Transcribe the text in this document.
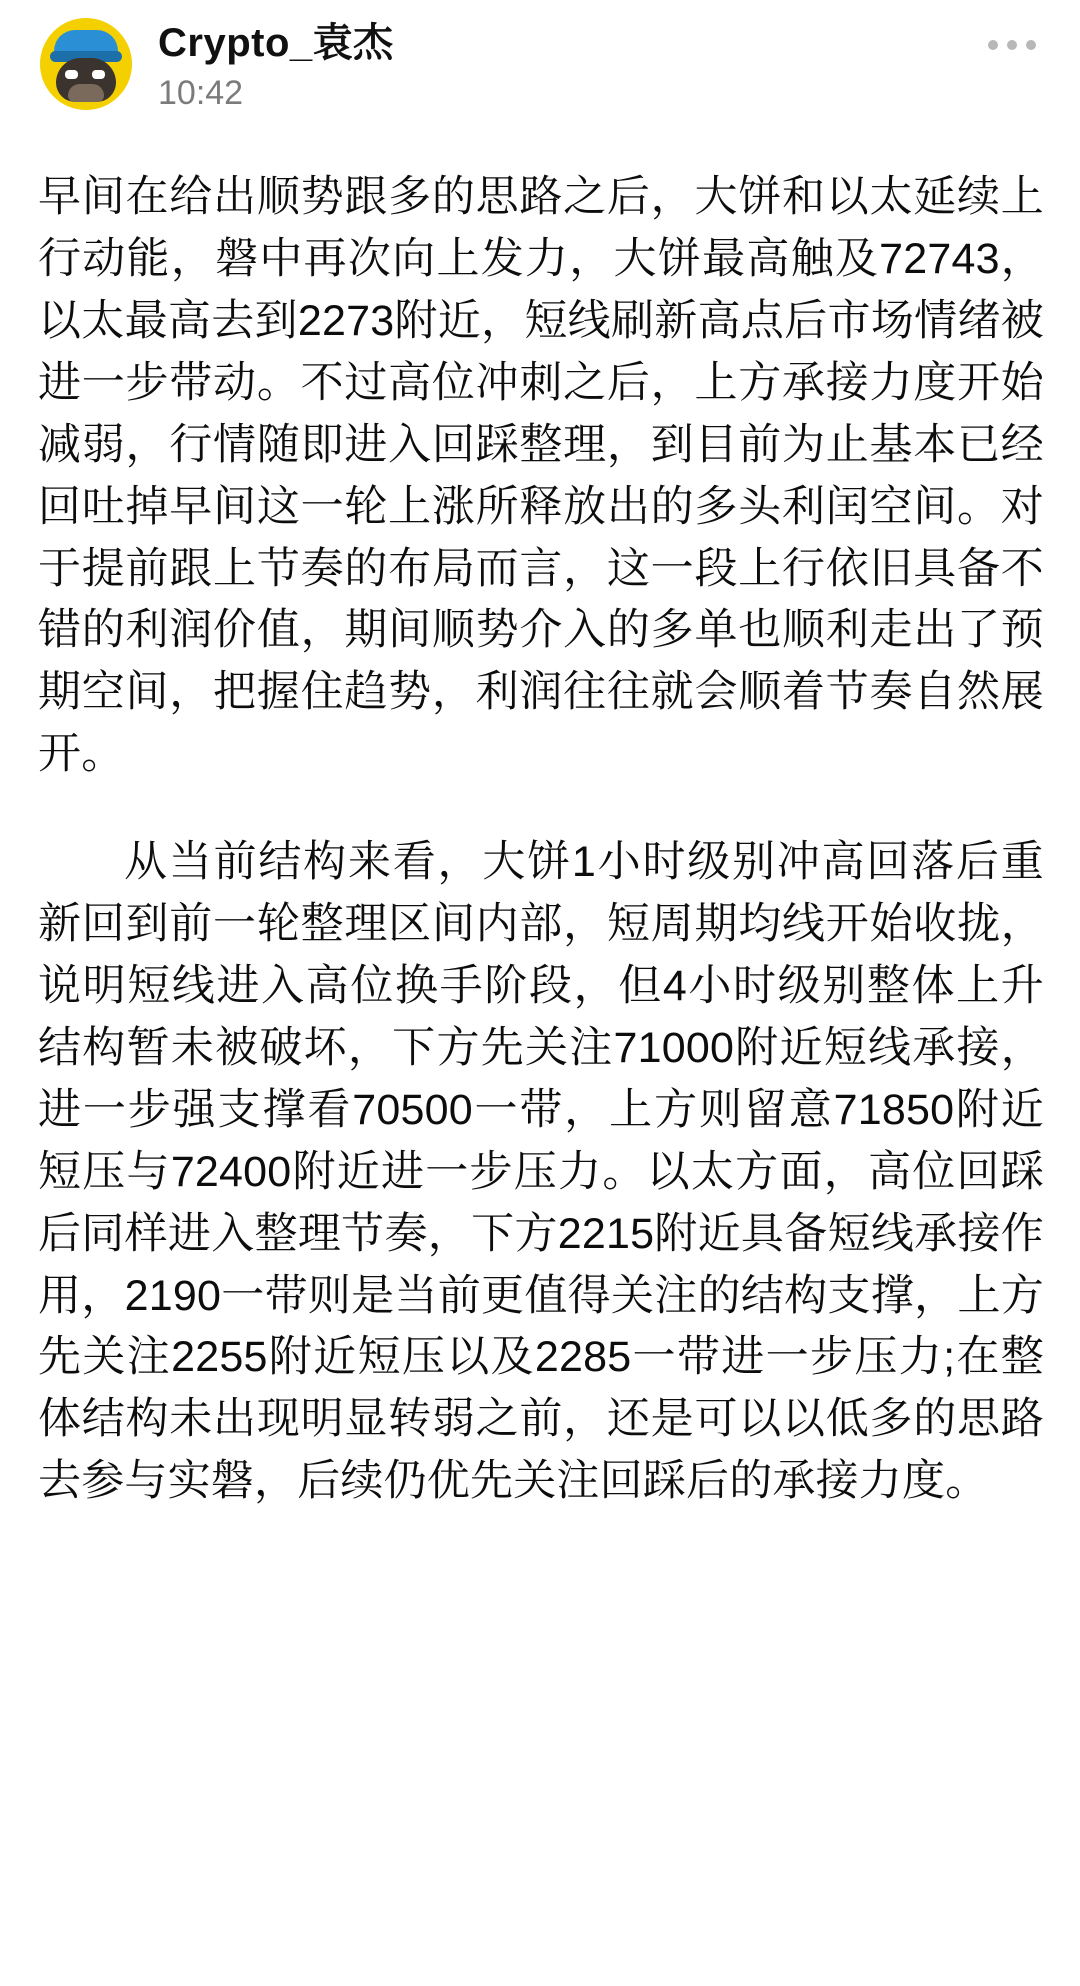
Crypto_袁杰
10:42

早间在给出顺势跟多的思路之后，大饼和以太延续上行动能，磐中再次向上发力，大饼最高触及72743，以太最高去到2273附近，短线刷新高点后市场情绪被进一步带动。不过高位冲刺之后，上方承接力度开始减弱，行情随即进入回踩整理，到目前为止基本已经回吐掉早间这一轮上涨所释放出的多头利闰空间。对于提前跟上节奏的布局而言，这一段上行依旧具备不错的利润价值，期间顺势介入的多单也顺利走出了预期空间，把握住趋势，利润往往就会顺着节奏自然展开。

从当前结构来看，大饼1小时级别冲高回落后重新回到前一轮整理区间内部，短周期均线开始收拢，说明短线进入高位换手阶段，但4小时级别整体上升结构暂未被破坏，下方先关注71000附近短线承接，进一步强支撑看70500一带，上方则留意71850附近短压与72400附近进一步压力。以太方面，高位回踩后同样进入整理节奏，下方2215附近具备短线承接作用，2190一带则是当前更值得关注的结构支撑，上方先关注2255附近短压以及2285一带进一步压力;在整体结构未出现明显转弱之前，还是可以以低多的思路去参与实磐，后续仍优先关注回踩后的承接力度。
